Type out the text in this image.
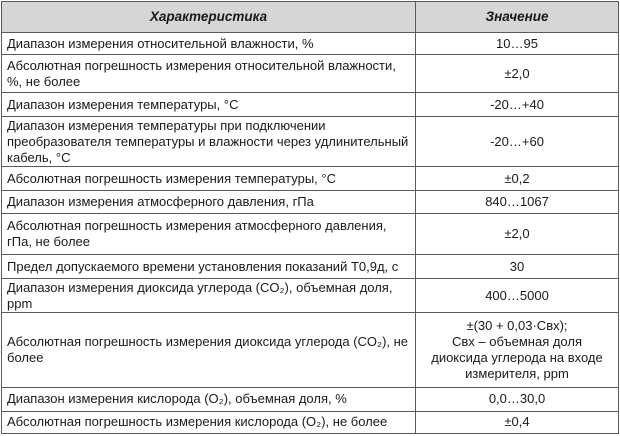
Характеристика	Значение
Диапазон измерения относительной влажности, %	10…95

Абсолютная погрешность измерения относительной влажности, %, не более	±2,0

Диапазон измерения температуры, °С	-20…+40

Диапазон измерения температуры при подключении преобразователя температуры и влажности через удлинительный кабель, °С	-20…+60

Абсолютная погрешность измерения температуры, °С	±0,2

Диапазон измерения атмосферного давления, гПа	840…1067

Абсолютная погрешность измерения атмосферного давления, гПа, не более	±2,0

Предел допускаемого времени установления показаний Т0,9д, с	30

Диапазон измерения диоксида углерода (CO₂), объемная доля, ppm	400…5000

Абсолютная погрешность измерения диоксида углерода (CO₂), не более	±(30 + 0,03·Cвх);
Cвх – объемная доля
диоксида углерода на входе
измерителя, ppm

Диапазон измерения кислорода (O₂), объемная доля, %	0,0…30,0

Абсолютная погрешность измерения кислорода (O₂), не более	±0,4
